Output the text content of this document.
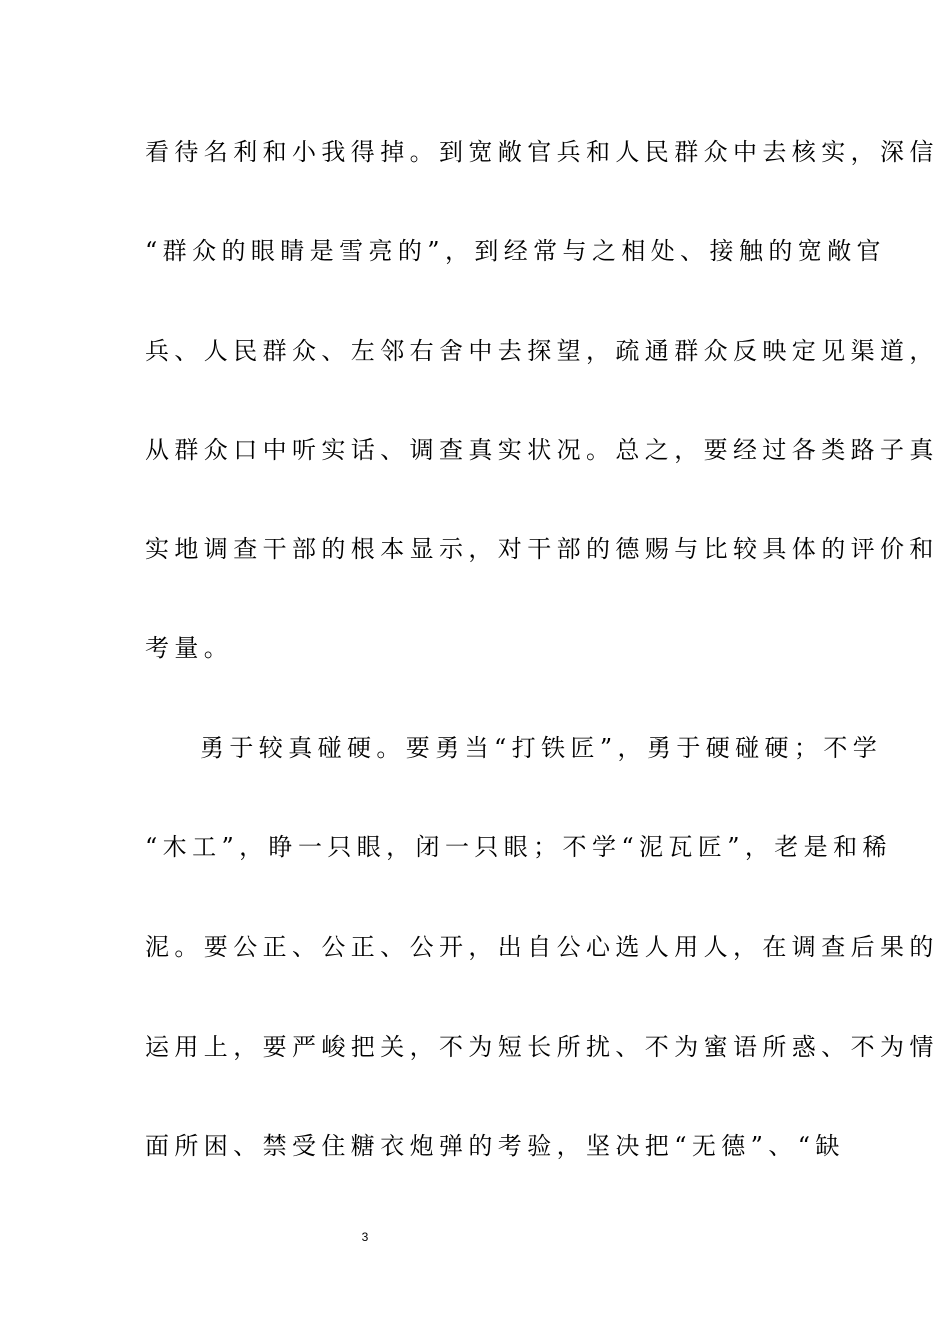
看待名利和小我得掉。到宽敞官兵和人民群众中去核实，深信
“群众的眼睛是雪亮的”，到经常与之相处、接触的宽敞官
兵、人民群众、左邻右舍中去探望，疏通群众反映定见渠道，
从群众口中听实话、调查真实状况。总之，要经过各类路子真
实地调查干部的根本显示，对干部的德赐与比较具体的评价和
考量。
勇于较真碰硬。要勇当“打铁匠”，勇于硬碰硬；不学
“木工”，睁一只眼，闭一只眼；不学“泥瓦匠”，老是和稀
泥。要公正、公正、公开，出自公心选人用人，在调查后果的
运用上，要严峻把关，不为短长所扰、不为蜜语所惑、不为情
面所困、禁受住糖衣炮弹的考验，坚决把“无德”、“缺
3
